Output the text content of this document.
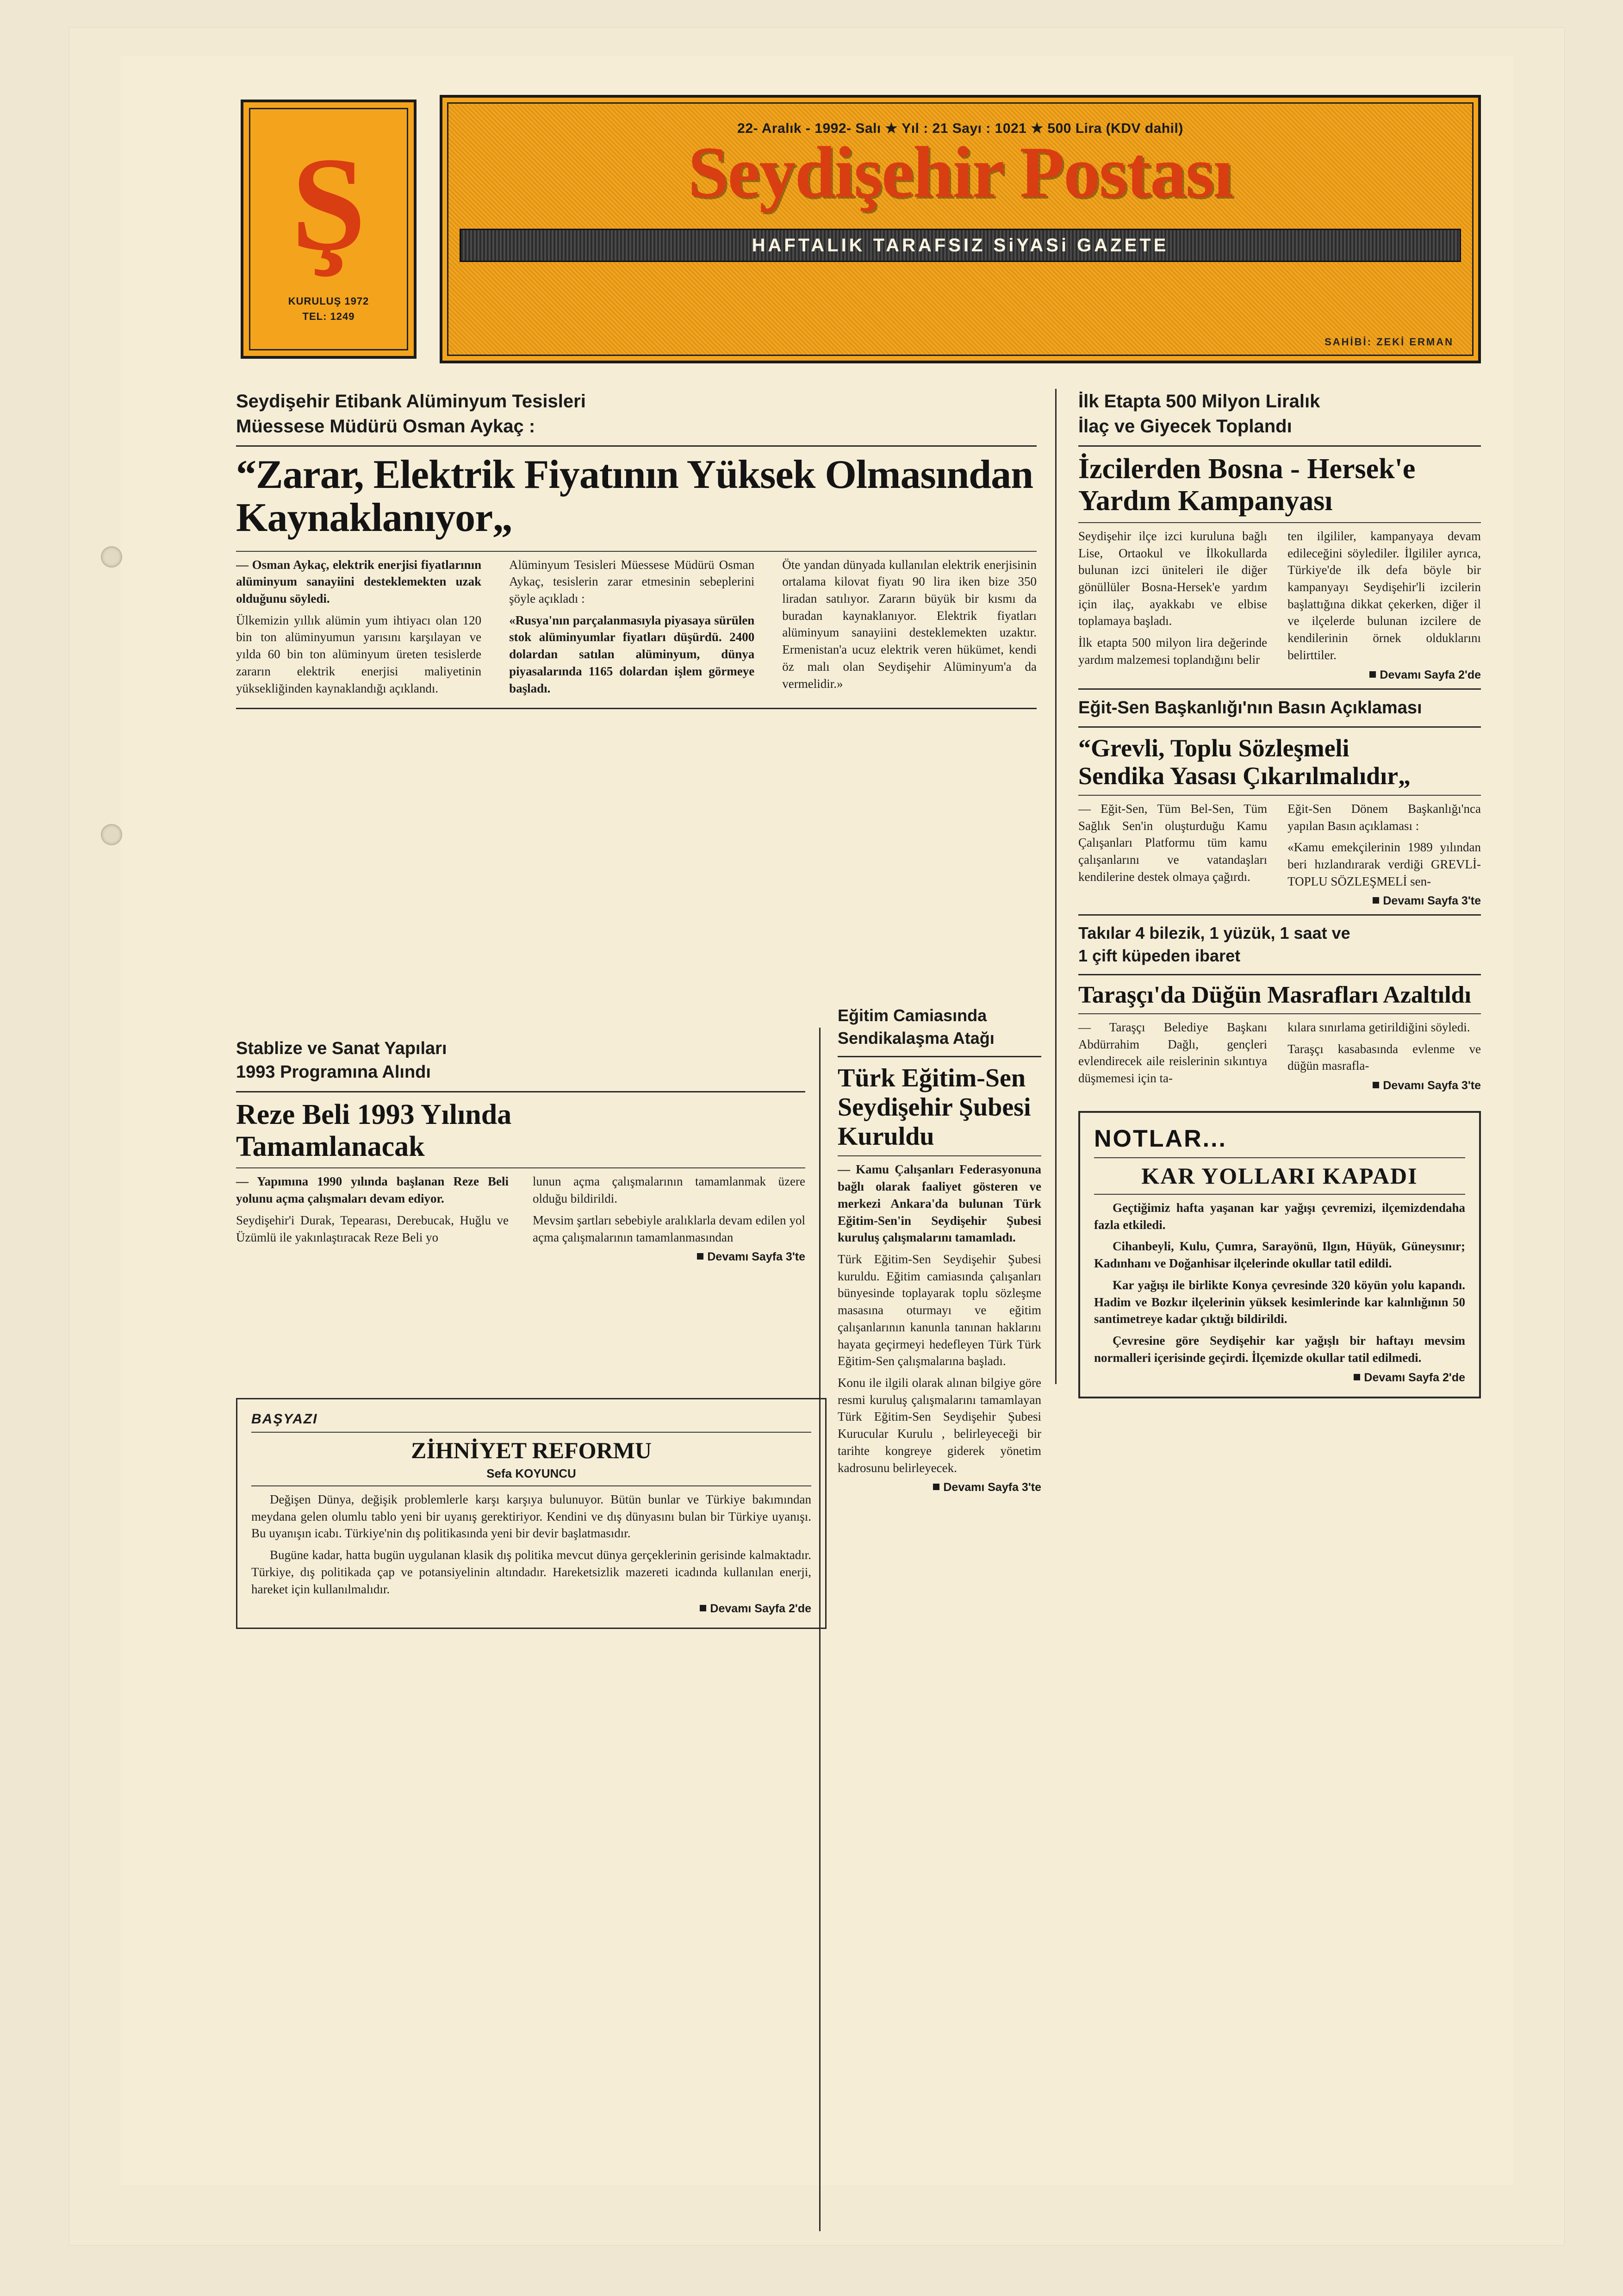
Ş
KURULUŞ 1972
TEL: 1249
22- Aralık - 1992- Salı ★ Yıl : 21 Sayı : 1021 ★ 500 Lira (KDV dahil)
Seydişehir Postası
HAFTALIK TARAFSIZ SiYASi GAZETE
SAHİBİ: ZEKİ ERMAN
Seydişehir Etibank Alüminyum Tesisleri
Müessese Müdürü Osman Aykaç :
“Zarar, Elektrik Fiyatının Yüksek Olmasından Kaynaklanıyor„

— Osman Aykaç, elektrik enerjisi fiyatlarının alüminyum sanayiini desteklemekten uzak olduğunu söyledi.

Ülkemizin yıllık alümin yum ihtiyacı olan 120 bin ton alüminyumun yarısını karşılayan ve yılda 60 bin ton alüminyum üreten tesislerde zararın elektrik enerjisi maliyetinin yüksekliğinden kaynaklandığı açıklandı.

Alüminyum Tesisleri Müessese Müdürü Osman Aykaç, tesislerin zarar etmesinin sebeplerini şöyle açıkladı :

«Rusya'nın parçalanmasıyla piyasaya sürülen stok alüminyumlar fiyatları düşürdü. 2400 dolardan satılan alüminyum, dünya piyasalarında 1165 dolardan işlem görmeye başladı.

Öte yandan dünyada kullanılan elektrik enerjisinin ortalama kilovat fiyatı 90 lira iken bize 350 liradan satılıyor. Zararın büyük bir kısmı da buradan kaynaklanıyor. Elektrik fiyatları alüminyum sanayiini desteklemekten uzaktır. Ermenistan'a ucuz elektrik veren hükümet, kendi öz malı olan Seydişehir Alüminyum'a da vermelidir.»

Stablize ve Sanat Yapıları
1993 Programına Alındı
Reze Beli 1993 Yılında
Tamamlanacak

— Yapımına 1990 yılında başlanan Reze Beli yolunu açma çalışmaları devam ediyor.

Seydişehir'i Durak, Tepearası, Derebucak, Huğlu ve Üzümlü ile yakınlaştıracak Reze Beli yo

lunun açma çalışmalarının tamamlanmak üzere olduğu bildirildi.

Mevsim şartları sebebiyle aralıklarla devam edilen yol açma çalışmalarının tamamlanmasından

Devamı Sayfa 3'te
BAŞYAZI
ZİHNİYET REFORMU
Sefa KOYUNCU

Değişen Dünya, değişik problemlerle karşı karşıya bulunuyor. Bütün bunlar ve Türkiye bakımından meydana gelen olumlu tablo yeni bir uyanış gerektiriyor. Kendini ve dış dünyasını bulan bir Türkiye uyanışı. Bu uyanışın icabı. Türkiye'nin dış politikasında yeni bir devir başlatmasıdır.

Bugüne kadar, hatta bugün uygulanan klasik dış politika mevcut dünya gerçeklerinin gerisinde kalmaktadır. Türkiye, dış politikada çap ve potansiyelinin altındadır. Hareketsizlik mazereti icadında kullanılan enerji, hareket için kullanılmalıdır.

Devamı Sayfa 2'de
Eğitim Camiasında
Sendikalaşma Atağı
Türk Eğitim-Sen
Seydişehir Şubesi
Kuruldu

— Kamu Çalışanları Federasyonuna bağlı olarak faaliyet gösteren ve merkezi Ankara'da bulunan Türk Eğitim-Sen'in Seydişehir Şubesi kuruluş çalışmalarını tamamladı.

Türk Eğitim-Sen Seydişehir Şubesi kuruldu. Eğitim camiasında çalışanları bünyesinde toplayarak toplu sözleşme masasına oturmayı ve eğitim çalışanlarının kanunla tanınan haklarını hayata geçirmeyi hedefleyen Türk Türk Eğitim-Sen çalışmalarına başladı.

Konu ile ilgili olarak alınan bilgiye göre resmi kuruluş çalışmalarını tamamlayan Türk Eğitim-Sen Seydişehir Şubesi Kurucular Kurulu , belirleyeceği bir tarihte kongreye giderek yönetim kadrosunu belirleyecek.

Devamı Sayfa 3'te
İlk Etapta 500 Milyon Liralık
İlaç ve Giyecek Toplandı
İzcilerden Bosna - Hersek'e
Yardım Kampanyası

Seydişehir ilçe izci kuruluna bağlı Lise, Ortaokul ve İlkokullarda bulunan izci üniteleri ile diğer gönüllüler Bosna-Hersek'e yardım için ilaç, ayakkabı ve elbise toplamaya başladı.

İlk etapta 500 milyon lira değerinde yardım malzemesi toplandığını belir

ten ilgililer, kampanyaya devam edileceğini söylediler. İlgililer ayrıca, Türkiye'de ilk defa böyle bir kampanyayı Seydişehir'li izcilerin başlattığına dikkat çekerken, diğer il ve ilçelerde bulunan izcilere de kendilerinin örnek olduklarını belirttiler.

Devamı Sayfa 2'de
Eğit-Sen Başkanlığı'nın Basın Açıklaması
“Grevli, Toplu Sözleşmeli
Sendika Yasası Çıkarılmalıdır„

— Eğit-Sen, Tüm Bel-Sen, Tüm Sağlık Sen'in oluşturduğu Kamu Çalışanları Platformu tüm kamu çalışanlarını ve vatandaşları kendilerine destek olmaya çağırdı.

Eğit-Sen Dönem Başkanlığı'nca yapılan Basın açıklaması :

«Kamu emekçilerinin 1989 yılından beri hızlandırarak verdiği GREVLİ-TOPLU SÖZLEŞMELİ sen-

Devamı Sayfa 3'te
Takılar 4 bilezik, 1 yüzük, 1 saat ve
1 çift küpeden ibaret
Taraşçı'da Düğün Masrafları Azaltıldı

— Taraşçı Belediye Başkanı Abdürrahim Dağlı, gençleri evlendirecek aile reislerinin sıkıntıya düşmemesi için ta-

kılara sınırlama getirildiğini söyledi.

Taraşçı kasabasında evlenme ve düğün masrafla-

Devamı Sayfa 3'te
NOTLAR...
KAR YOLLARI KAPADI

Geçtiğimiz hafta yaşanan kar yağışı çevremizi, ilçemizdendaha fazla etkiledi.

Cihanbeyli, Kulu, Çumra, Sarayönü, Ilgın, Hüyük, Güneysınır; Kadınhanı ve Doğanhisar ilçelerinde okullar tatil edildi.

Kar yağışı ile birlikte Konya çevresinde 320 köyün yolu kapandı. Hadim ve Bozkır ilçelerinin yüksek kesimlerinde kar kalınlığının 50 santimetreye kadar çıktığı bildirildi.

Çevresine göre Seydişehir kar yağışlı bir haftayı mevsim normalleri içerisinde geçirdi. İlçemizde okullar tatil edilmedi.

Devamı Sayfa 2'de
